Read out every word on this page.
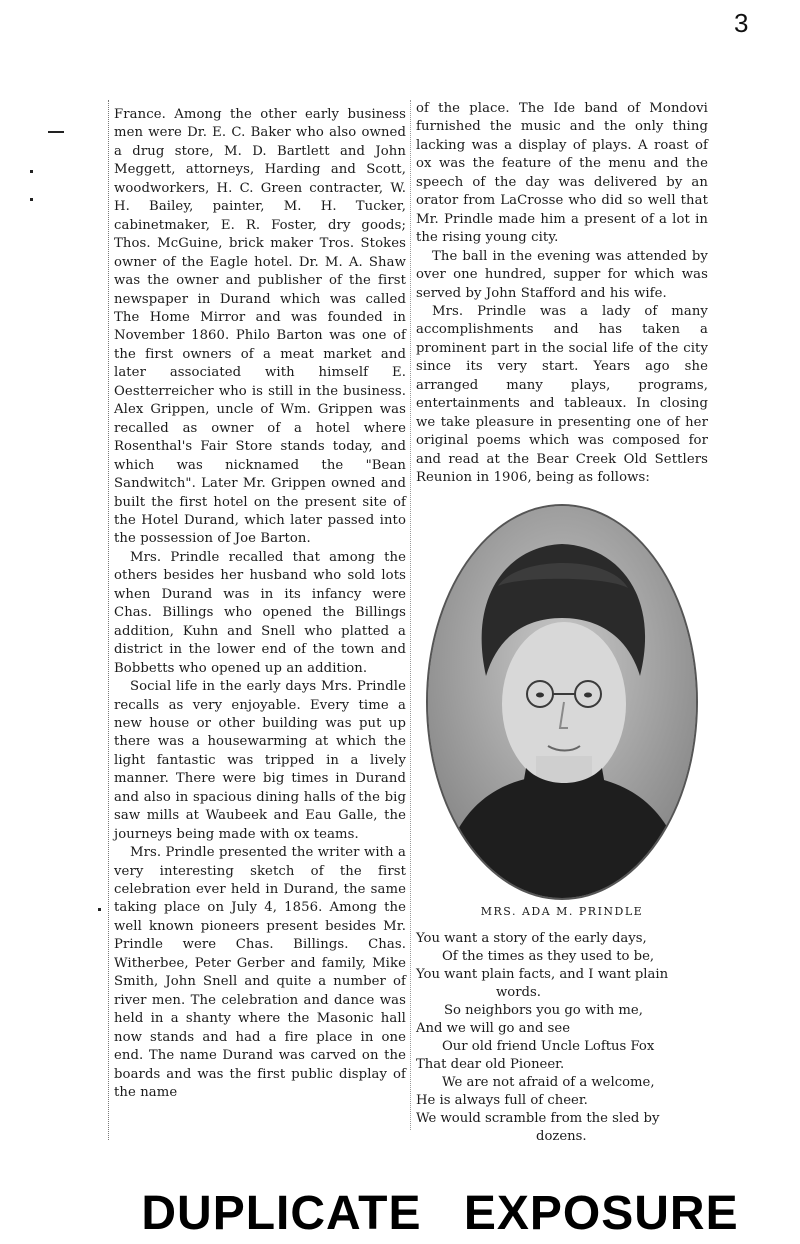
3

France. Among the other early business men were Dr. E. C. Baker who also owned a drug store, M. D. Bartlett and John Meggett, attorneys, Harding and Scott, woodworkers, H. C. Green contracter, W. H. Bailey, painter, M. H. Tucker, cabinetmaker, E. R. Foster, dry goods; Thos. McGuine, brick maker Tros. Stokes owner of the Eagle hotel. Dr. M. A. Shaw was the owner and publisher of the first newspaper in Durand which was called The Home Mirror and was founded in November 1860. Philo Barton was one of the first owners of a meat market and later associated with himself E. Oestterreicher who is still in the business. Alex Grippen, uncle of Wm. Grippen was recalled as owner of a hotel where Rosenthal's Fair Store stands today, and which was nicknamed the "Bean Sandwitch". Later Mr. Grippen owned and built the first hotel on the present site of the Hotel Durand, which later passed into the possession of Joe Barton.

Mrs. Prindle recalled that among the others besides her husband who sold lots when Durand was in its infancy were Chas. Billings who opened the Billings addition, Kuhn and Snell who platted a district in the lower end of the town and Bobbetts who opened up an addition.

Social life in the early days Mrs. Prindle recalls as very enjoyable. Every time a new house or other building was put up there was a housewarming at which the light fantastic was tripped in a lively manner. There were big times in Durand and also in spacious dining halls of the big saw mills at Waubeek and Eau Galle, the journeys being made with ox teams.

Mrs. Prindle presented the writer with a very interesting sketch of the first celebration ever held in Durand, the same taking place on July 4, 1856. Among the well known pioneers present besides Mr. Prindle were Chas. Billings. Chas. Witherbee, Peter Gerber and family, Mike Smith, John Snell and quite a number of river men. The celebration and dance was held in a shanty where the Masonic hall now stands and had a fire place in one end. The name Durand was carved on the boards and was the first public display of the name

of the place. The Ide band of Mondovi furnished the music and the only thing lacking was a display of plays. A roast of ox was the feature of the menu and the speech of the day was delivered by an orator from LaCrosse who did so well that Mr. Prindle made him a present of a lot in the rising young city.

The ball in the evening was attended by over one hundred, supper for which was served by John Stafford and his wife.

Mrs. Prindle was a lady of many accomplishments and has taken a prominent part in the social life of the city since its very start. Years ago she arranged many plays, programs, entertainments and tableaux. In closing we take pleasure in presenting one of her original poems which was composed for and read at the Bear Creek Old Settlers Reunion in 1906, being as follows:

MRS. ADA M. PRINDLE
You want a story of the early days,
Of the times as they used to be,
You want plain facts, and I want plain
words.
So neighbors you go with me,
And we will go and see
Our old friend Uncle Loftus Fox
That dear old Pioneer.
We are not afraid of a welcome,
He is always full of cheer.
We would scramble from the sled by
dozens.
DUPLICATE EXPOSURE
